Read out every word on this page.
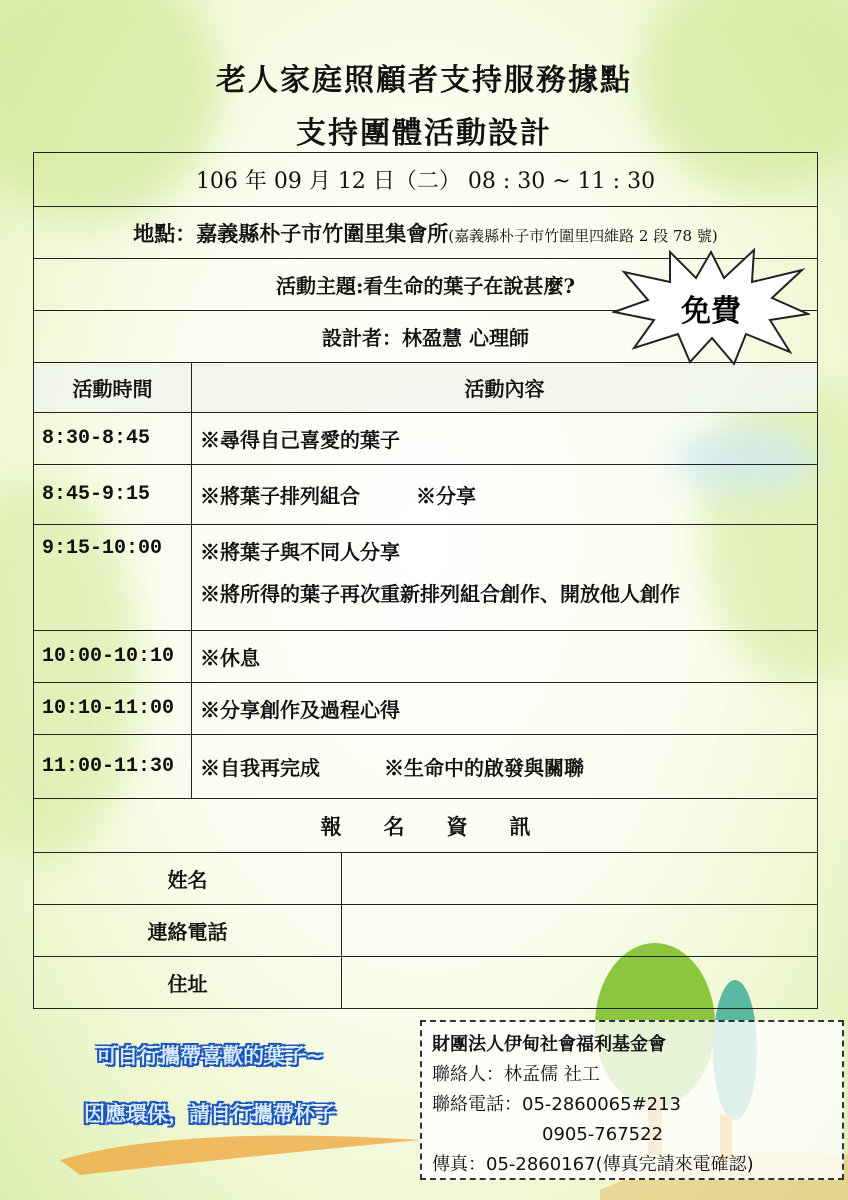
老人家庭照顧者支持服務據點
支持團體活動設計
106 年 09 月 12 日（二） 08 : 30 ~ 11 : 30		
地點：嘉義縣朴子市竹圍里集會所(嘉義縣朴子市竹圍里四維路 2 段 78 號)		
活動主題:看生命的葉子在說甚麼?		
設計者：林盈慧 心理師		
活動時間	活動內容	
8:30-8:45	※尋得自己喜愛的葉子	
8:45-9:15	※將葉子排列組合 ※分享	
9:15-10:00	※將葉子與不同人分享
※將所得的葉子再次重新排列組合創作、開放他人創作	

10:00-10:10	※休息	
10:10-11:00	※分享創作及過程心得	
11:00-11:30	※自我再完成 ※生命中的啟發與關聯	
報　　名　　資　　訊		
姓名		
連絡電話		
住址		
免費
可自行攜帶喜歡的葉子~
因應環保，請自行攜帶杯子
財團法人伊甸社會福利基金會
聯絡人：林孟儒 社工
聯絡電話：05-2860065#213
0905-767522
傳真：05-2860167(傳真完請來電確認)
